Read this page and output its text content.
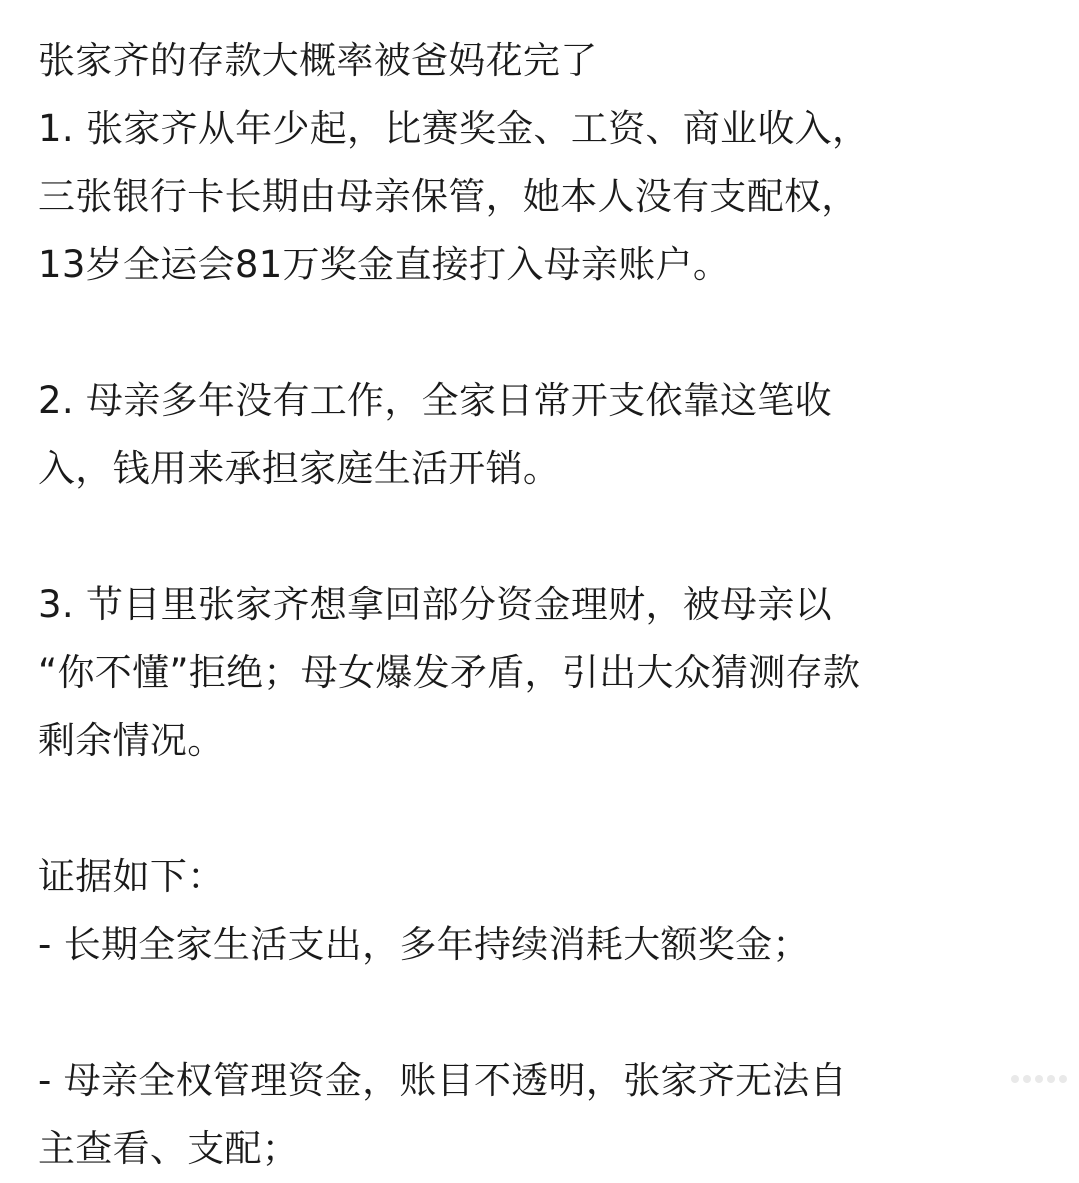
张家齐的存款大概率被爸妈花完了
1. 张家齐从年少起，比赛奖金、工资、商业收入，
三张银行卡长期由母亲保管，她本人没有支配权，
13岁全运会81万奖金直接打入母亲账户。
2. 母亲多年没有工作，全家日常开支依靠这笔收
入，钱用来承担家庭生活开销。
3. 节目里张家齐想拿回部分资金理财，被母亲以
“你不懂”拒绝；母女爆发矛盾，引出大众猜测存款
剩余情况。
证据如下：
- 长期全家生活支出，多年持续消耗大额奖金；
- 母亲全权管理资金，账目不透明，张家齐无法自
主查看、支配；
